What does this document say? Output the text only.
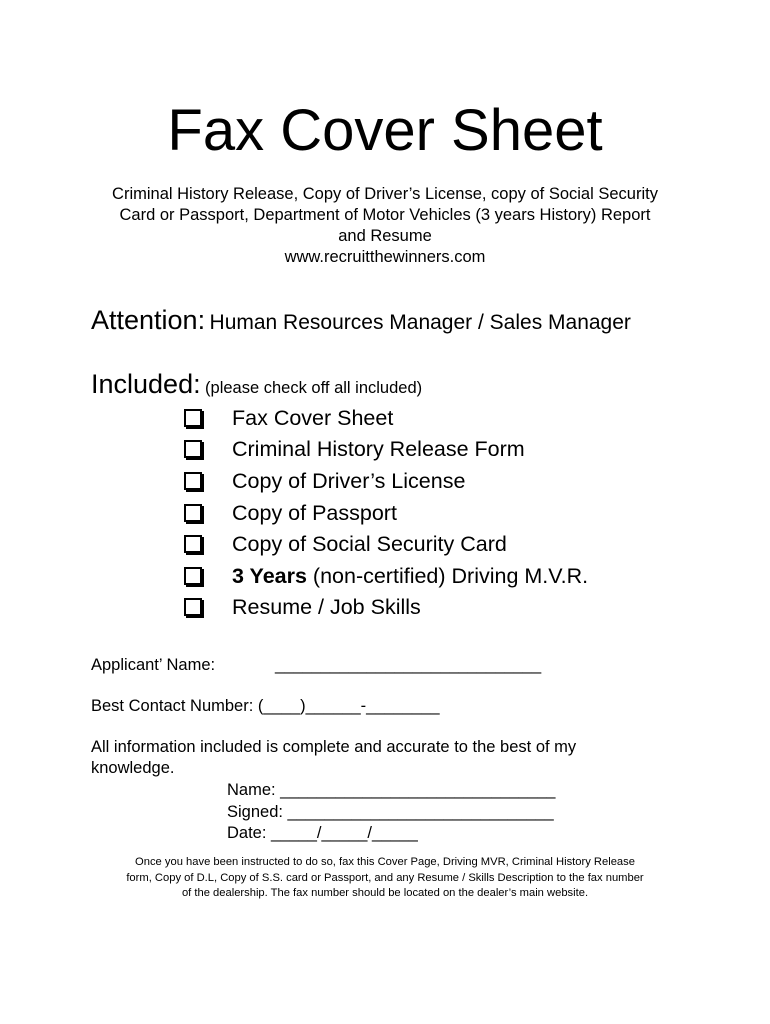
Fax Cover Sheet
Criminal History Release, Copy of Driver’s License, copy of Social Security
Card or Passport, Department of Motor Vehicles (3 years History) Report
and Resume
www.recruitthewinners.com
Attention: Human Resources Manager / Sales Manager
Included: (please check off all included)
Fax Cover Sheet
Criminal History Release Form
Copy of Driver’s License
Copy of Passport
Copy of Social Security Card
3 Years (non-certified) Driving M.V.R.
Resume / Job Skills
Applicant’ Name:	_____________________________
Best Contact Number: (____)______-________
All information included is complete and accurate to the best of my
knowledge.
Name: ______________________________
Signed: _____________________________
Date: _____/_____/_____
Once you have been instructed to do so, fax this Cover Page, Driving MVR, Criminal History Release
form, Copy of D.L, Copy of S.S. card or Passport, and any Resume / Skills Description to the fax number
of the dealership. The fax number should be located on the dealer’s main website.
